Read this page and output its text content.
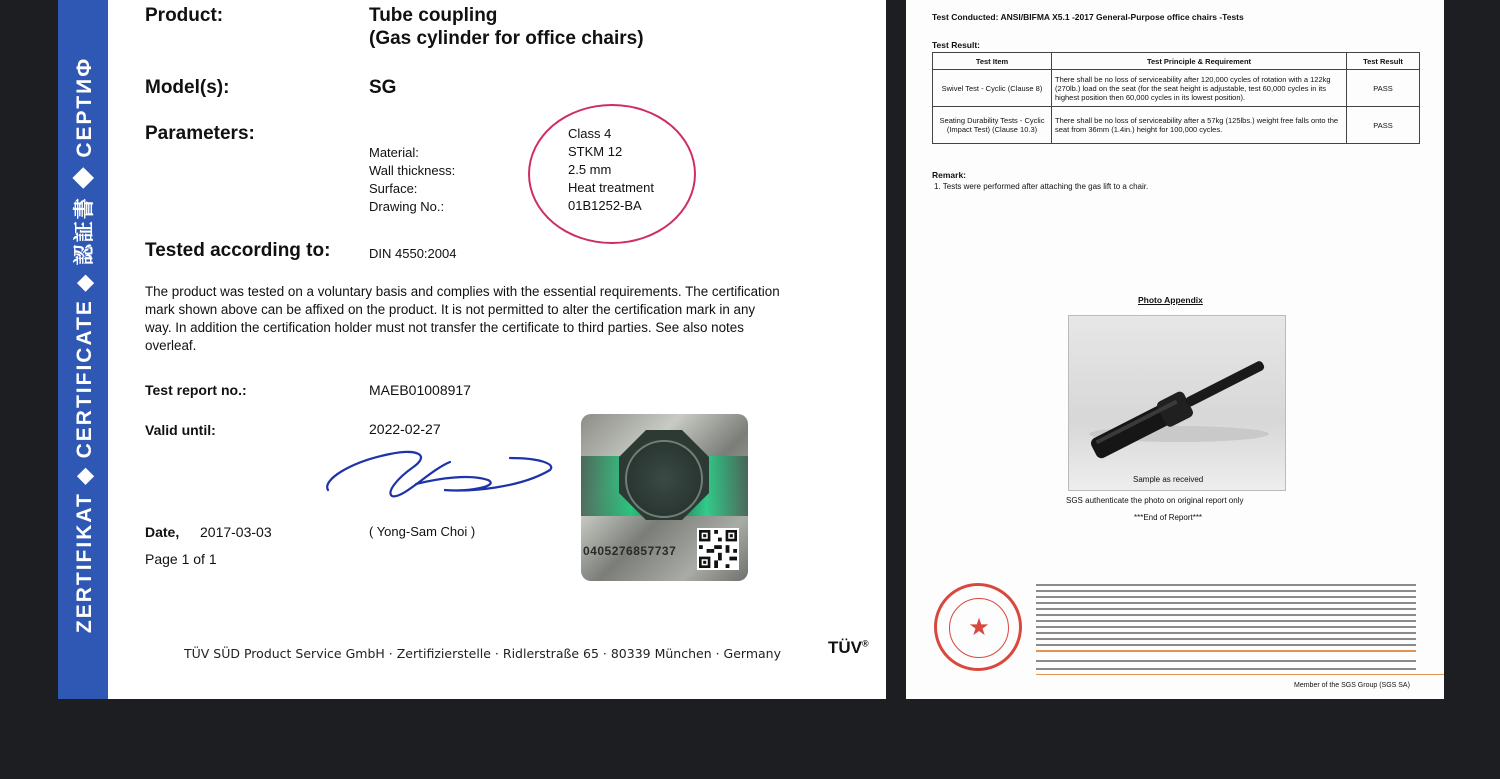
ZERTIFIKAT ◆ CERTIFICATE ◆ 認証書 ◆ СЕРТИФ
Product:	Tube coupling
(Gas cylinder for office chairs)
Model(s):	SG
Parameters:	Class 4
Material:	STKM 12
Wall thickness:	2.5 mm
Surface:	Heat treatment
Drawing No.:	01B1252-BA
Tested according to:	DIN 4550:2004
The product was tested on a voluntary basis and complies with the essential requirements. The certification mark shown above can be affixed on the product. It is not permitted to alter the certification mark in any way. In addition the certification holder must not transfer the certificate to third parties. See also notes overleaf.
Test report no.:	MAEB01008917
Valid until:	2022-02-27
Date, 2017-03-03	( Yong-Sam Choi )
Page 1 of 1	0405276857737
TÜV SÜD Product Service GmbH · Zertifizierstelle · Ridlerstraße 65 · 80339 München · Germany	TÜV®
Test Conducted: ANSI/BIFMA X5.1 -2017 General-Purpose office chairs -Tests
Test Result:
Test Item	Test Principle & Requirement	Test Result
Swivel Test - Cyclic (Clause 8)	There shall be no loss of serviceability after 120,000 cycles of rotation with a 122kg (270lb.) load on the seat (for the seat height is adjustable, test 60,000 cycles in its highest position then 60,000 cycles in its lowest position).	PASS
Seating Durability Tests - Cyclic (Impact Test) (Clause 10.3)	There shall be no loss of serviceability after a 57kg (125lbs.) weight free falls onto the seat from 36mm (1.4in.) height for 100,000 cycles.	PASS
Remark:
1. Tests were performed after attaching the gas lift to a chair.
Photo Appendix
Sample as received
SGS authenticate the photo on original report only
***End of Report***
★
Member of the SGS Group (SGS SA)
